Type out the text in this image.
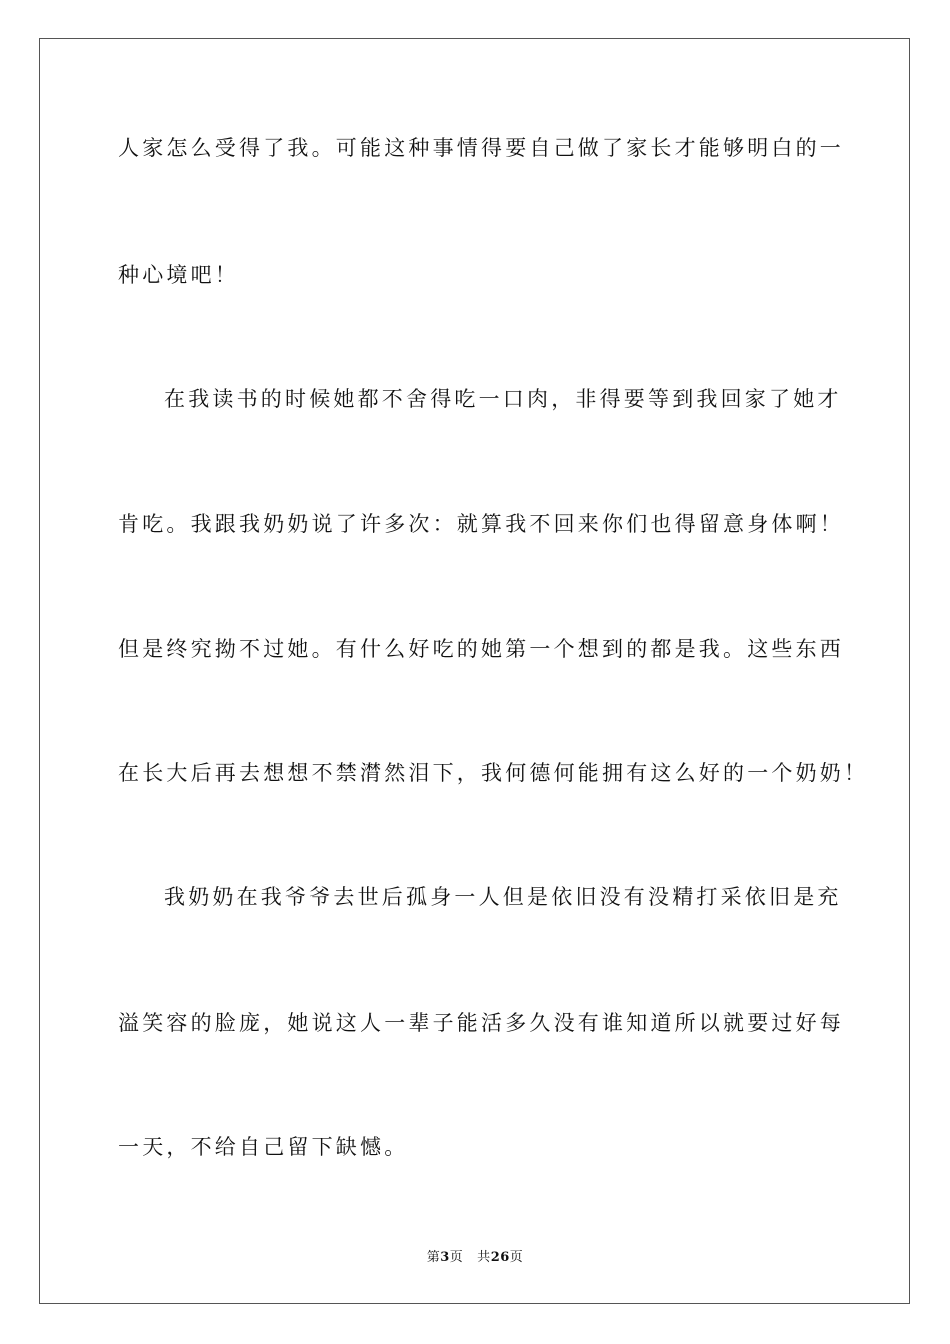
人家怎么受得了我。可能这种事情得要自己做了家长才能够明白的一
种心境吧！
在我读书的时候她都不舍得吃一口肉，非得要等到我回家了她才
肯吃。我跟我奶奶说了许多次：就算我不回来你们也得留意身体啊！
但是终究拗不过她。有什么好吃的她第一个想到的都是我。这些东西
在长大后再去想想不禁潸然泪下，我何德何能拥有这么好的一个奶奶！
我奶奶在我爷爷去世后孤身一人但是依旧没有没精打采依旧是充
溢笑容的脸庞，她说这人一辈子能活多久没有谁知道所以就要过好每
一天，不给自己留下缺憾。
第3页 共26页
